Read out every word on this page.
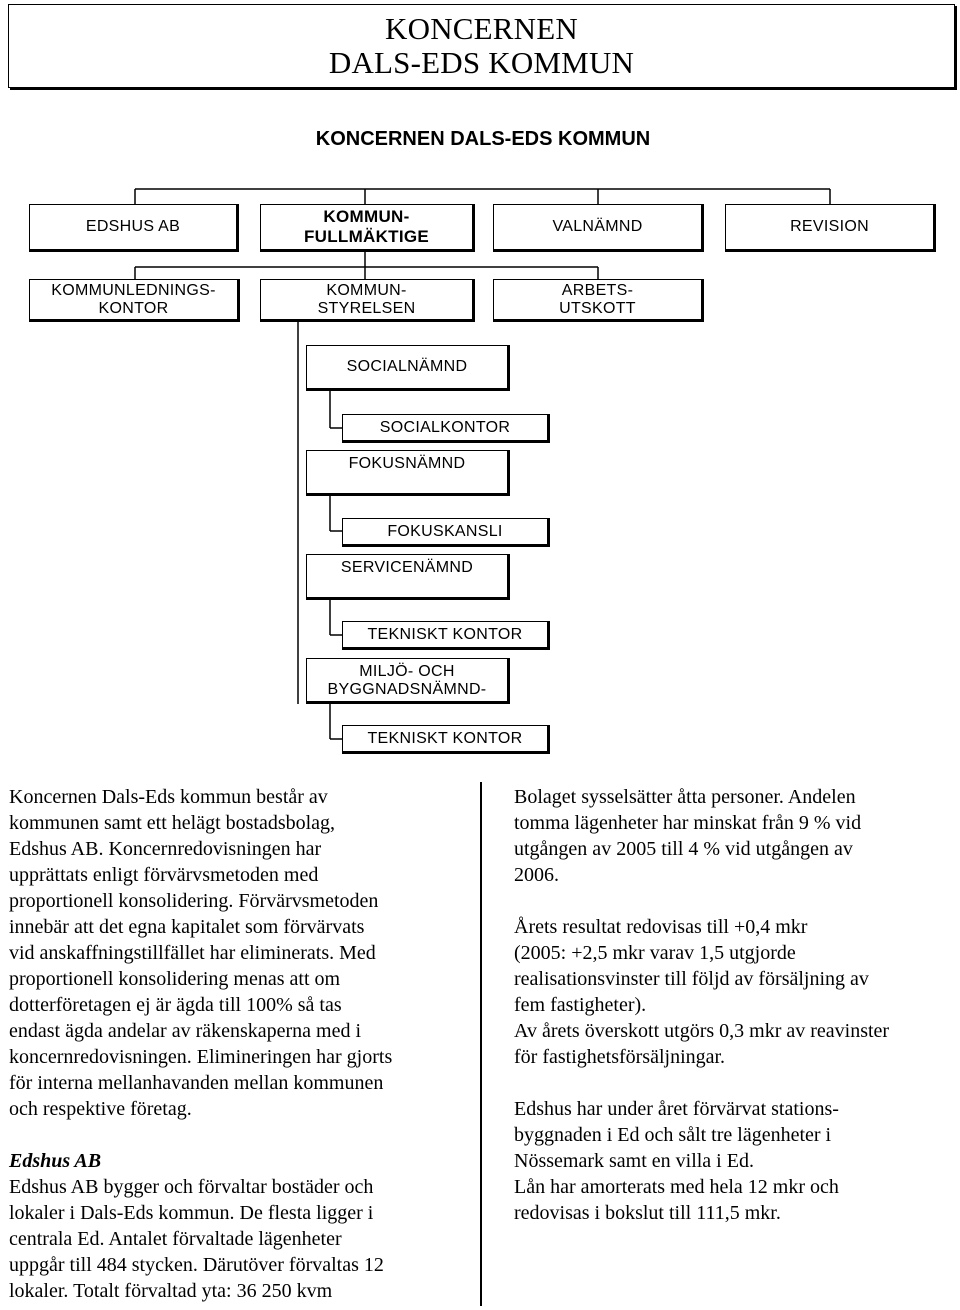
KONCERNEN
DALS-EDS KOMMUN
KONCERNEN DALS-EDS KOMMUN
EDSHUS AB
KOMMUN-
FULLMÄKTIGE
VALNÄMND	REVISION
KOMMUNLEDNINGS-
KONTOR
KOMMUN-
STYRELSEN
ARBETS-
UTSKOTT
SOCIALNÄMND
SOCIALKONTOR
FOKUSNÄMND
FOKUSKANSLI
SERVICENÄMND
TEKNISKT KONTOR
MILJÖ- OCH
BYGGNADSNÄMND-
TEKNISKT KONTOR

Koncernen Dals-Eds kommun består av

kommunen samt ett helägt bostadsbolag,

Edshus AB. Koncernredovisningen har

upprättats enligt förvärvsmetoden med

proportionell konsolidering. Förvärvsmetoden

innebär att det egna kapitalet som förvärvats

vid anskaffningstillfället har eliminerats. Med

proportionell konsolidering menas att om

dotterföretagen ej är ägda till 100% så tas

endast ägda andelar av räkenskaperna med i

koncernredovisningen. Elimineringen har gjorts

för interna mellanhavanden mellan kommunen

och respektive företag.

Edshus AB

Edshus AB bygger och förvaltar bostäder och

lokaler i Dals-Eds kommun. De flesta ligger i

centrala Ed. Antalet förvaltade lägenheter

uppgår till 484 stycken. Därutöver förvaltas 12

lokaler. Totalt förvaltad yta: 36 250 kvm

Bolaget sysselsätter åtta personer. Andelen

tomma lägenheter har minskat från 9 % vid

utgången av 2005 till 4 % vid utgången av

2006.

Årets resultat redovisas till +0,4 mkr

(2005: +2,5 mkr varav 1,5 utgjorde

realisationsvinster till följd av försäljning av

fem fastigheter).

Av årets överskott utgörs 0,3 mkr av reavinster

för fastighetsförsäljningar.

Edshus har under året förvärvat stations-

byggnaden i Ed och sålt tre lägenheter i

Nössemark samt en villa i Ed.

Lån har amorterats med hela 12 mkr och

redovisas i bokslut till 111,5 mkr.
